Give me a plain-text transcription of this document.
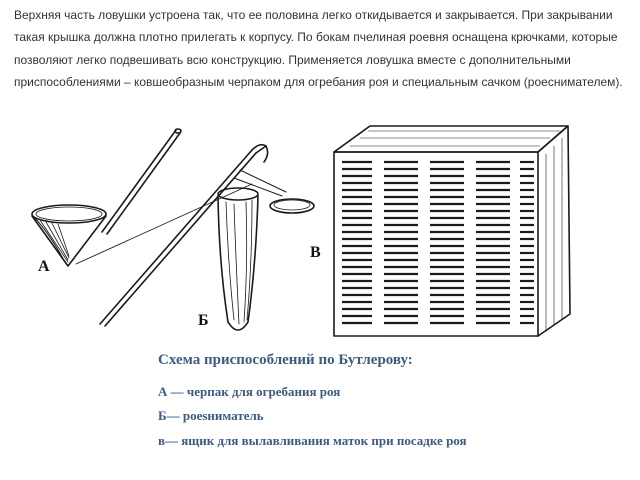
Верхняя часть ловушки устроена так, что ее половина легко откидывается и закрывается. При закрывании
такая крышка должна плотно прилегать к корпусу. По бокам пчелиная роевня оснащена крючками, которые
позволяют легко подвешивать всю конструкцию. Применяется ловушка вместе с дополнительными
приспособлениями – ковшеобразным черпаком для огребания роя и специальным сачком (роеснимателем).
А
Б
В

Схема приспособлений по Бутлерову:

А — черпак для огребания роя

Б— роеsниматель

в— ящик для вылавливания маток при посадке роя
